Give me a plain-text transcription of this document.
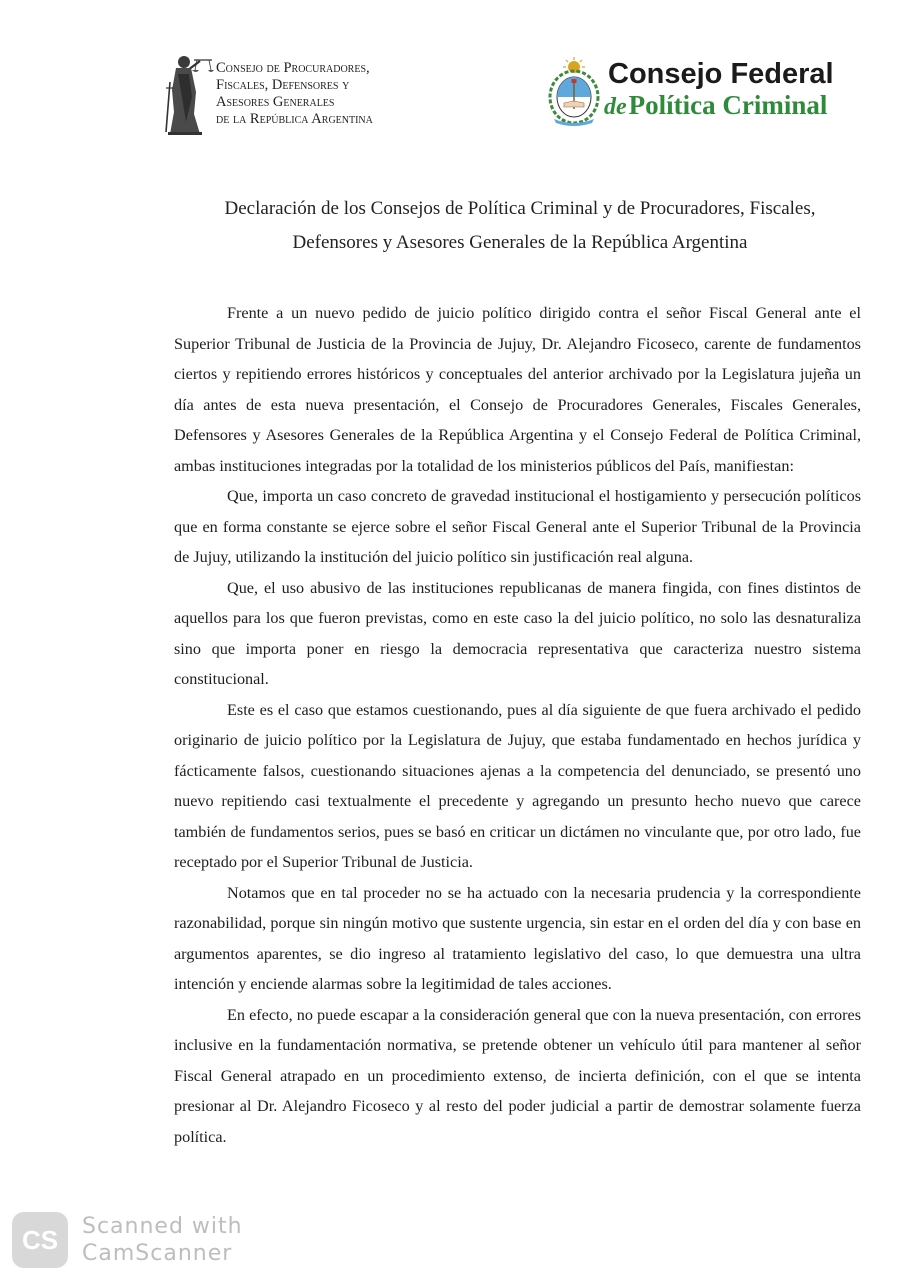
Consejo de Procuradores,
Fiscales, Defensores y
Asesores Generales
de la República Argentina
Consejo Federal
dePolítica Criminal
Declaración de los Consejos de Política Criminal y de Procuradores, Fiscales,
Defensores y Asesores Generales de la República Argentina

Frente a un nuevo pedido de juicio político dirigido contra el señor Fiscal General ante el Superior Tribunal de Justicia de la Provincia de Jujuy, Dr. Alejandro Ficoseco, carente de fundamentos ciertos y repitiendo errores históricos y conceptuales del anterior archivado por la Legislatura jujeña un día antes de esta nueva presentación, el Consejo de Procuradores Generales, Fiscales Generales, Defensores y Asesores Generales de la República Argentina y el Consejo Federal de Política Criminal, ambas instituciones integradas por la totalidad de los ministerios públicos del País, manifiestan:

Que, importa un caso concreto de gravedad institucional el hostigamiento y persecución políticos que en forma constante se ejerce sobre el señor Fiscal General ante el Superior Tribunal de la Provincia de Jujuy, utilizando la institución del juicio político sin justificación real alguna.

Que, el uso abusivo de las instituciones republicanas de manera fingida, con fines distintos de aquellos para los que fueron previstas, como en este caso la del juicio político, no solo las desnaturaliza sino que importa poner en riesgo la democracia representativa que caracteriza nuestro sistema constitucional.

Este es el caso que estamos cuestionando, pues al día siguiente de que fuera archivado el pedido originario de juicio político por la Legislatura de Jujuy, que estaba fundamentado en hechos jurídica y fácticamente falsos, cuestionando situaciones ajenas a la competencia del denunciado, se presentó uno nuevo repitiendo casi textualmente el precedente y agregando un presunto hecho nuevo que carece también de fundamentos serios, pues se basó en criticar un dictámen no vinculante que, por otro lado, fue receptado por el Superior Tribunal de Justicia.

Notamos que en tal proceder no se ha actuado con la necesaria prudencia y la correspondiente razonabilidad, porque sin ningún motivo que sustente urgencia, sin estar en el orden del día y con base en argumentos aparentes, se dio ingreso al tratamiento legislativo del caso, lo que demuestra una ultra intención y enciende alarmas sobre la legitimidad de tales acciones.

En efecto, no puede escapar a la consideración general que con la nueva presentación, con errores inclusive en la fundamentación normativa, se pretende obtener un vehículo útil para mantener al señor Fiscal General atrapado en un procedimiento extenso, de incierta definición, con el que se intenta presionar al Dr. Alejandro Ficoseco y al resto del poder judicial a partir de demostrar solamente fuerza política.

CS	Scanned with
CamScanner
